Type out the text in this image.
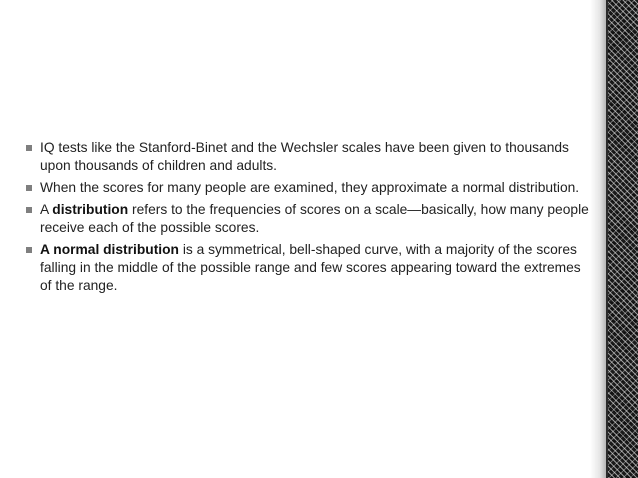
IQ tests like the Stanford-Binet and the Wechsler scales have been given to thousands upon thousands of children and adults.
When the scores for many people are examined, they approximate a normal distribution.
A distribution refers to the frequencies of scores on a scale—basically, how many people receive each of the possible scores.
A normal distribution is a symmetrical, bell-shaped curve, with a majority of the scores falling in the middle of the possible range and few scores appearing toward the extremes of the range.
